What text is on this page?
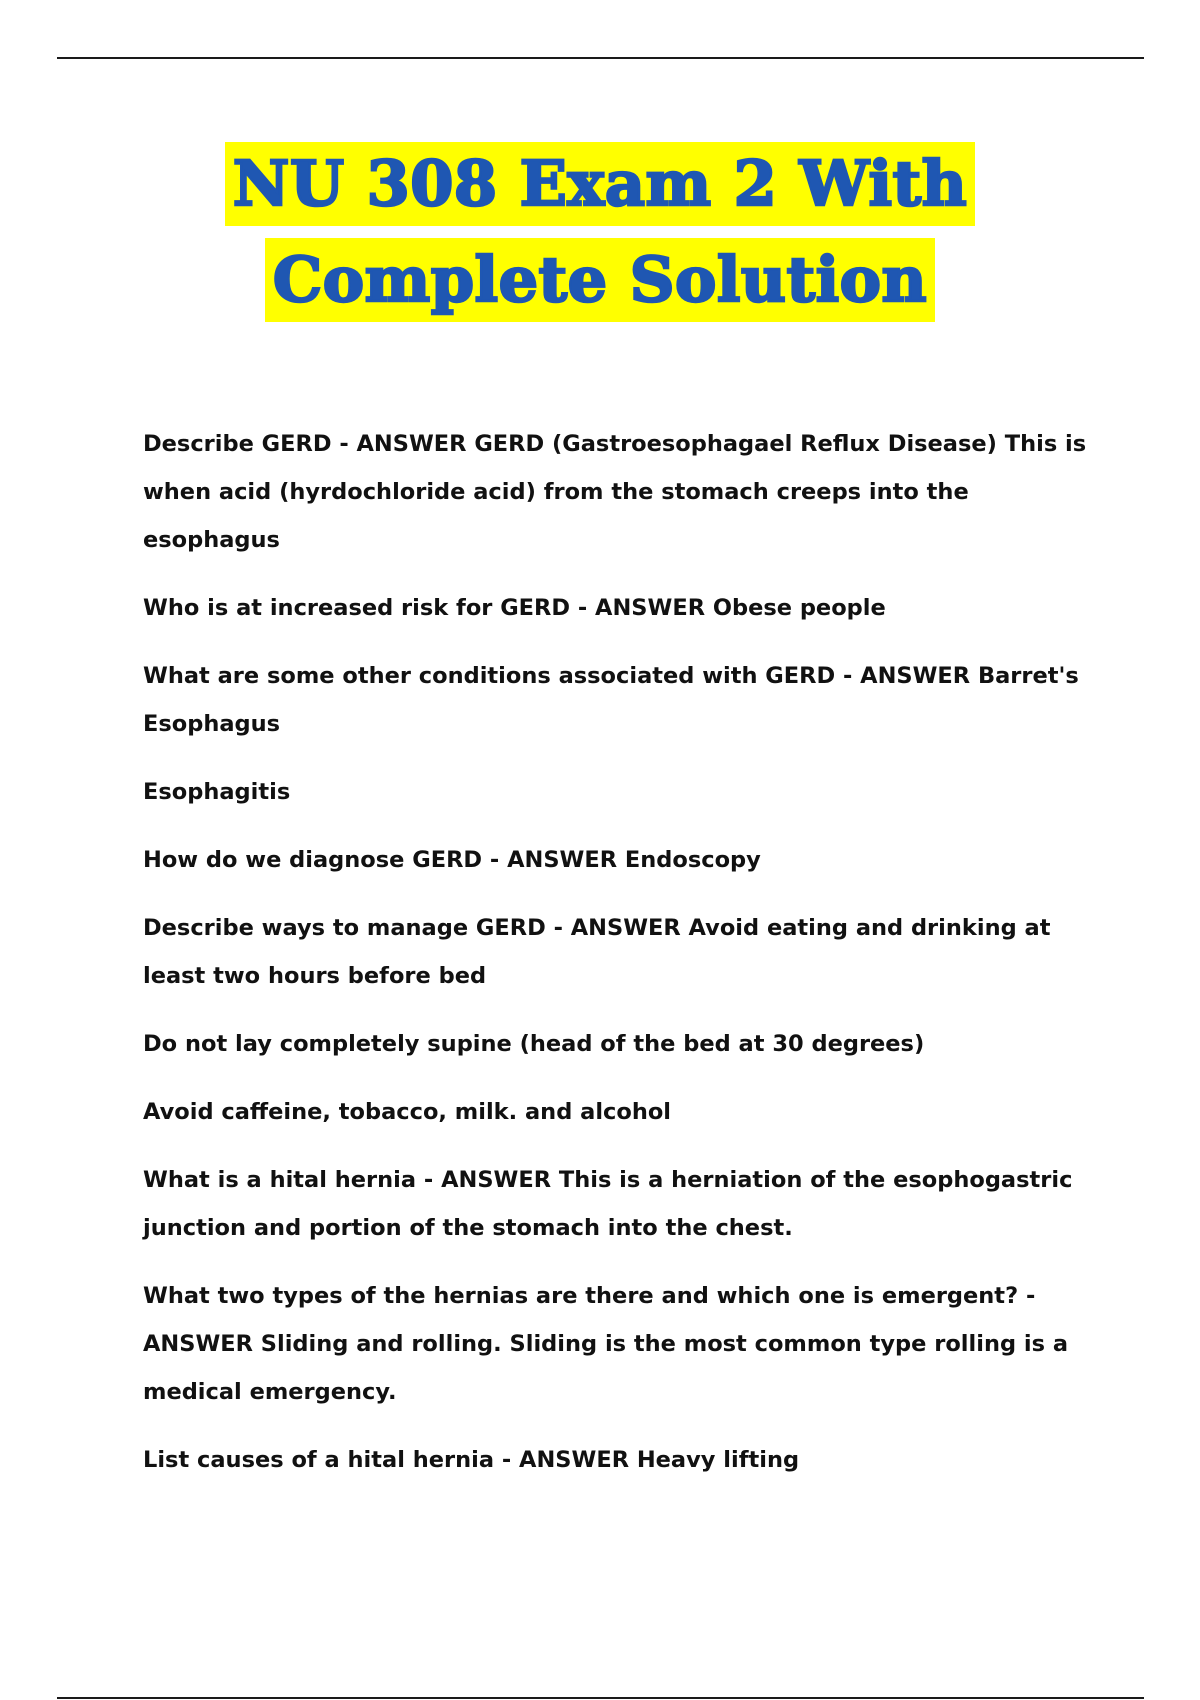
NU 308 Exam 2 With
Complete Solution

Describe GERD - ANSWER GERD (Gastroesophagael Reflux Disease) This is when acid (hyrdochloride acid) from the stomach creeps into the esophagus

Who is at increased risk for GERD - ANSWER Obese people

What are some other conditions associated with GERD - ANSWER Barret's Esophagus

Esophagitis

How do we diagnose GERD - ANSWER Endoscopy

Describe ways to manage GERD - ANSWER Avoid eating and drinking at least two hours before bed

Do not lay completely supine (head of the bed at 30 degrees)

Avoid caffeine, tobacco, milk. and alcohol

What is a hital hernia - ANSWER This is a herniation of the esophogastric junction and portion of the stomach into the chest.

What two types of the hernias are there and which one is emergent? - ANSWER Sliding and rolling. Sliding is the most common type rolling is a medical emergency.

List causes of a hital hernia - ANSWER Heavy lifting
